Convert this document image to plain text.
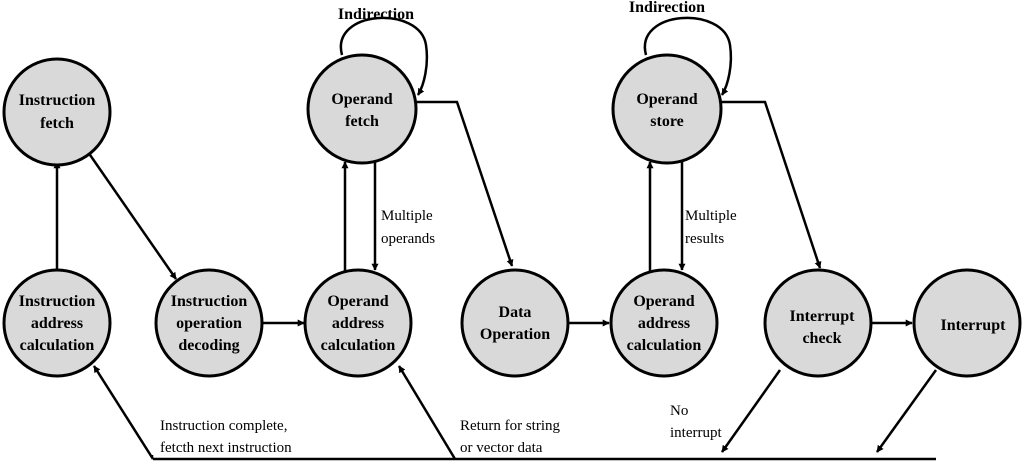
Instruction
fetch
Instruction
address
calculation
Instruction
operation
decoding
Operand
fetch
Operand
address
calculation
Data
Operation
Operand
address
calculation
Operand
store
Interrupt
check
Interrupt
Indirection	Indirection
Multiple
operands
Multiple
results
Instruction complete,
fetcth next instruction
Return for string
or vector data
No
interrupt
